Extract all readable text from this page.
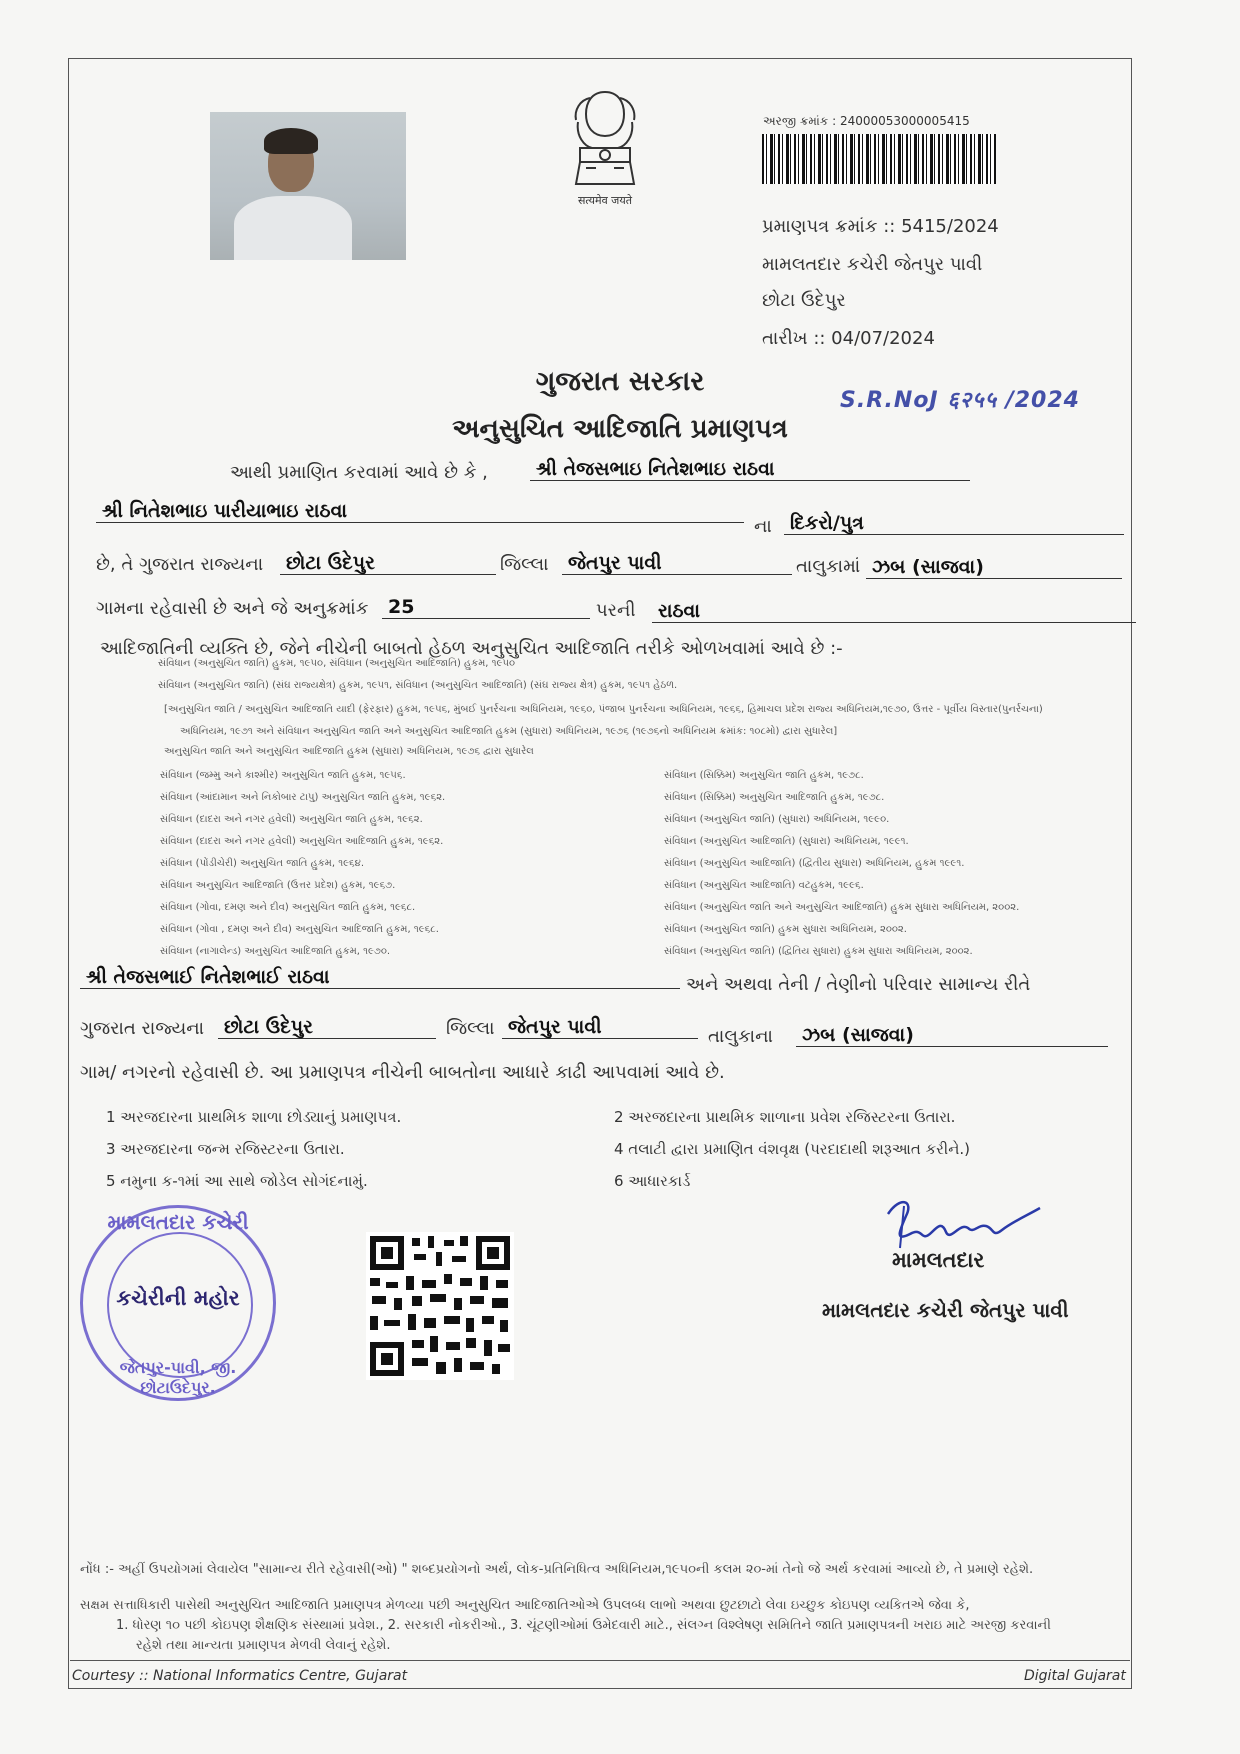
सत्यमेव जयते
અરજી ક્રમાંક : 24000053000005415
પ્રમાણપત્ર ક્રમાંક :: 5415/2024
મામલતદાર કચેરી જેતપુર પાવી
છોટા ઉદેપુર
તારીખ :: 04/07/2024
ગુજરાત સરકાર
S.R.NoJ ६२५५ /2024
અનુસુચિત આદિજાતિ પ્રમાણપત્ર
આથી પ્રમાણિત કરવામાં આવે છે કે ,	શ્રી તેજસભાઇ નિતેશભાઇ રાઠવા
શ્રી નિતેશભાઇ પારીયાભાઇ રાઠવા
ના દિકરો/પુત્ર
છે, તે ગુજરાત રાજ્યના	છોટા ઉદેપુર	જિલ્લા	જેતપુર પાવી	તાલુકામાં ઝબ (સાજવા)
ગામના રહેવાસી છે અને જે અનુક્રમાંક	25	પરની	રાઠવા
આદિજાતિની વ્યક્તિ છે, જેને નીચેની બાબતો હેઠળ અનુસુચિત આદિજાતિ તરીકે ઓળખવામાં આવે છે :-
સંવિધાન (અનુસુચિત જાતિ) હુકમ, ૧૯૫૦, સંવિધાન (અનુસુચિત આદિજાતિ) હુકમ, ૧૯૫૦
સંવિધાન (અનુસુચિત જાતિ) (સંઘ રાજ્યક્ષેત્ર) હુકમ, ૧૯૫૧, સંવિધાન (અનુસુચિત આદિજાતિ) (સંઘ રાજ્ય ક્ષેત્ર) હુકમ, ૧૯૫૧ હેઠળ.
[અનુસુચિત જાતિ / અનુસુચિત આદિજાતિ યાદી (ફેરફાર) હુકમ, ૧૯૫૬, મુંબઈ પુનર્રચના અધિનિયમ, ૧૯૬૦, પંજાબ પુનર્રચના અધિનિયમ, ૧૯૬૬, હિમાચલ પ્રદેશ રાજ્ય અધિનિયમ,૧૯૭૦, ઉત્તર - પૂર્વીય વિસ્તાર(પુનર્રચના)
અધિનિયમ, ૧૯૭૧ અને સંવિધાન અનુસુચિત જાતિ અને અનુસુચિત આદિજાતિ હુકમ (સુધારા) અધિનિયમ, ૧૯૭૬ (૧૯૭૬નો અધિનિયમ ક્રમાંક: ૧૦૮મો) દ્વારા સુધારેલ]
અનુસુચિત જાતિ અને અનુસુચિત આદિજાતિ હુકમ (સુધારા) અધિનિયમ, ૧૯૭૬ દ્વારા સુધારેલ
સંવિધાન (જમ્મુ અને કાશ્મીર) અનુસુચિત જાતિ હુકમ, ૧૯૫૬.
સંવિધાન (આંદામાન અને નિકોબાર ટાપુ) અનુસુચિત જાતિ હુકમ, ૧૯૬૨.
સંવિધાન (દાદરા અને નગર હવેલી) અનુસુચિત જાતિ હુકમ, ૧૯૬૨.
સંવિધાન (દાદરા અને નગર હવેલી) અનુસુચિત આદિજાતિ હુકમ, ૧૯૬૨.
સંવિધાન (પોંડીચેરી) અનુસુચિત જાતિ હુકમ, ૧૯૬૪.
સંવિધાન અનુસુચિત આદિજાતિ (ઉત્તર પ્રદેશ) હુકમ, ૧૯૬૭.
સંવિધાન (ગોવા, દમણ અને દીવ) અનુસુચિત જાતિ હુકમ, ૧૯૬૮.
સંવિધાન (ગોવા , દમણ અને દીવ) અનુસુચિત આદિજાતિ હુકમ, ૧૯૬૮.
સંવિધાન (નાગાલેન્ડ) અનુસુચિત આદિજાતિ હુકમ, ૧૯૭૦.
સંવિધાન (સિક્કિમ) અનુસુચિત જાતિ હુકમ, ૧૯૭૮.
સંવિધાન (સિક્કિમ) અનુસુચિત આદિજાતિ હુકમ, ૧૯૭૮.
સંવિધાન (અનુસુચિત જાતિ) (સુધારા) અધિનિયમ, ૧૯૯૦.
સંવિધાન (અનુસુચિત આદિજાતિ) (સુધારા) અધિનિયમ, ૧૯૯૧.
સંવિધાન (અનુસુચિત આદિજાતિ) (દ્વિતીય સુધારા) અધિનિયમ, હુકમ ૧૯૯૧.
સંવિધાન (અનુસુચિત આદિજાતિ) વટહુકમ, ૧૯૯૬.
સંવિધાન (અનુસુચિત જાતિ અને અનુસુચિત આદિજાતિ) હુકમ સુધારા અધિનિયમ, ૨૦૦૨.
સંવિધાન (અનુસુચિત જાતિ) હુકમ સુધારા અધિનિયમ, ૨૦૦૨.
સંવિધાન (અનુસુચિત જાતિ) (દ્વિતિય સુધારા) હુકમ સુધારા અધિનિયમ, ૨૦૦૨.
શ્રી તેજસભાઈ નિતેશભાઈ રાઠવા	અને અથવા તેની / તેણીનો પરિવાર સામાન્ય રીતે
ગુજરાત રાજ્યના	છોટા ઉદેપુર	જિલ્લા જેતપુર પાવી	તાલુકાના	ઝબ (સાજવા)
ગામ/ નગરનો રહેવાસી છે. આ પ્રમાણપત્ર નીચેની બાબતોના આધારે કાઢી આપવામાં આવે છે.
1 અરજદારના પ્રાથમિક શાળા છોડ્યાનું પ્રમાણપત્ર.	2 અરજદારના પ્રાથમિક શાળાના પ્રવેશ રજિસ્ટરના ઉતારા.
3 અરજદારના જન્મ રજિસ્ટરના ઉતારા.	4 તલાટી દ્વારા પ્રમાણિત વંશવૃક્ષ (પરદાદાથી શરૂઆત કરીને.)
5 નમુના ક-૧માં આ સાથે જોડેલ સોગંદનામું.	6 આધારકાર્ડ
મામલતદાર કચેરી
કચેરીની મહોર
જેતપુર-પાવી, જી. છોટાઉદેપુર.
મામલતદાર
મામલતદાર કચેરી જેતપુર પાવી
નોંધ :- અહીં ઉપયોગમાં લેવાયેલ "સામાન્ય રીતે રહેવાસી(ઓ) " શબ્દપ્રયોગનો અર્થ, લોક-પ્રતિનિધિત્વ અધિનિયમ,૧૯૫૦ની કલમ ૨૦-માં તેનો જે અર્થ કરવામાં આવ્યો છે, તે પ્રમાણે રહેશે.
સક્ષમ સત્તાધિકારી પાસેથી અનુસુચિત આદિજાતિ પ્રમાણપત્ર મેળવ્યા પછી અનુસુચિત આદિજાતિઓએ ઉપલબ્ધ લાભો અથવા છુટછાટો લેવા ઇચ્છુક કોઇપણ વ્યકિતએ જેવા કે,
1. ધોરણ ૧૦ પછી કોઇપણ શૈક્ષણિક સંસ્થામાં પ્રવેશ., 2. સરકારી નોકરીઓ., 3. ચૂંટણીઓમાં ઉમેદવારી માટે., સંલગ્ન વિશ્લેષણ સમિતિને જાતિ પ્રમાણપત્રની ખરાઇ માટે અરજી કરવાની
રહેશે તથા માન્યતા પ્રમાણપત્ર મેળવી લેવાનું રહેશે.
Courtesy :: National Informatics Centre, Gujarat	Digital Gujarat
